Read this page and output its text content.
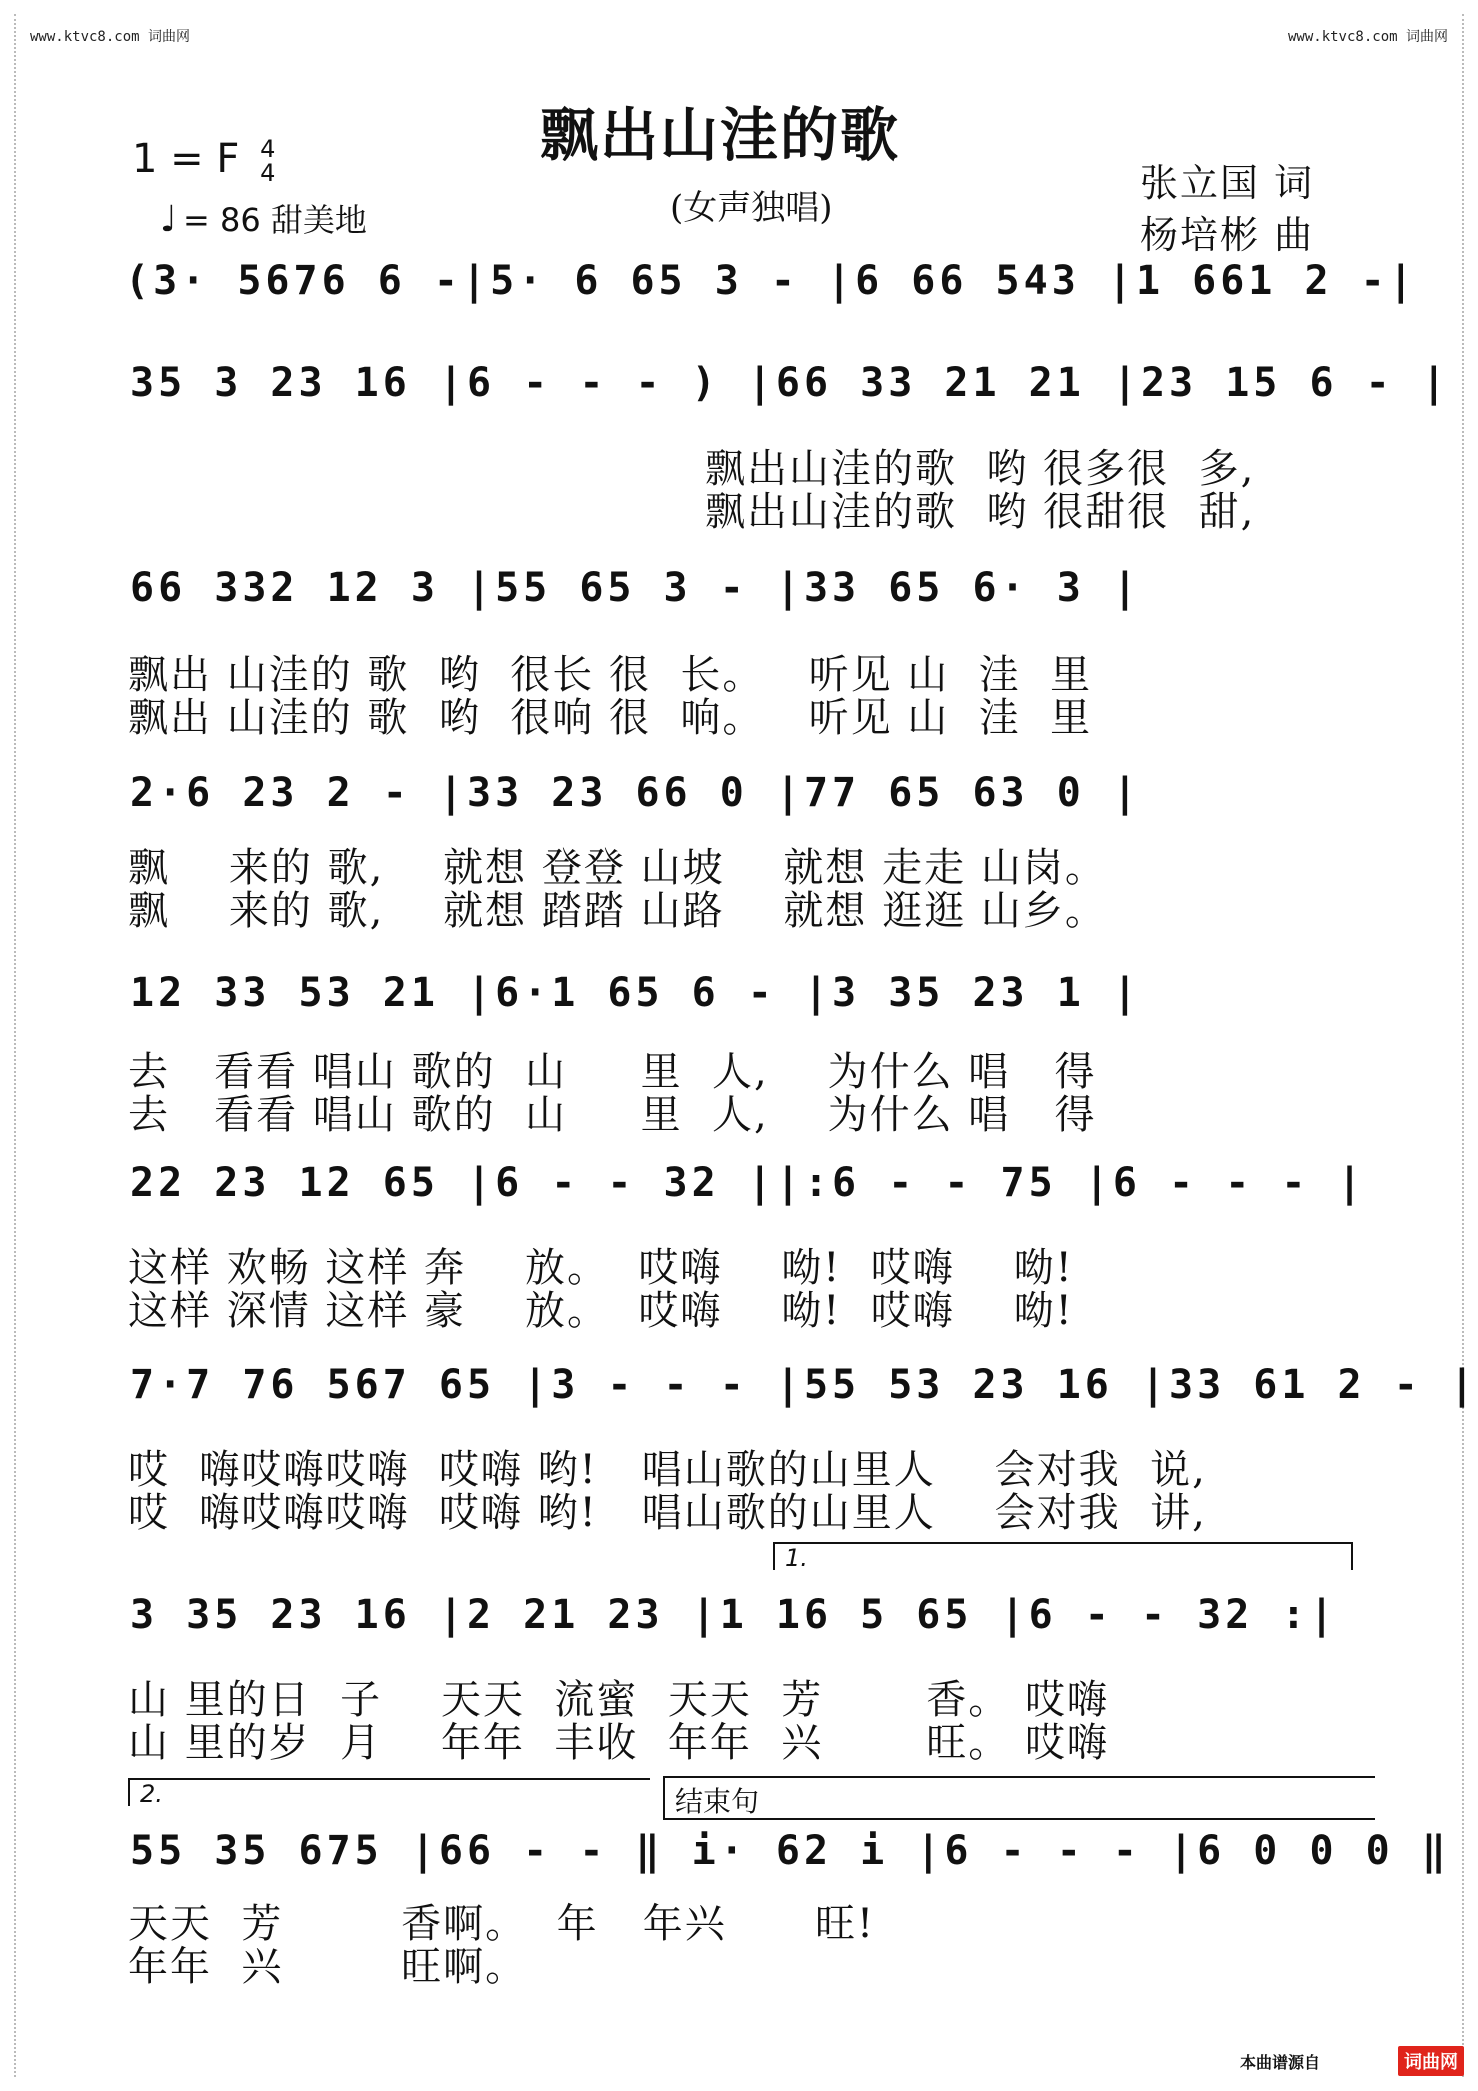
www.ktvc8.com 词曲网	www.ktvc8.com 词曲网
1 = F 4
4
♩ = 86 甜美地
飘出山洼的歌
(女声独唱)
张立国 词
杨培彬 曲
(3· 5676 6 -|5· 6 65 3 - |6 66 543 |1 661 2 -|
35 3 23 16 |6 - - - ) |66 33 21 21 |23 15 6 - |
飘出山洼的歌  哟 很多很  多,
飘出山洼的歌  哟 很甜很  甜,
66 332 12 3 |55 65 3 - |33 65 6· 3 |
飘出 山洼的 歌  哟  很长 很  长。   听见 山  洼  里
飘出 山洼的 歌  哟  很响 很  响。   听见 山  洼  里
2·6 23 2 - |33 23 66 0 |77 65 63 0 |
飘    来的 歌,    就想 登登 山坡    就想 走走 山岗。
飘    来的 歌,    就想 踏踏 山路    就想 逛逛 山乡。
12 33 53 21 |6·1 65 6 - |3 35 23 1 |
去   看看 唱山 歌的  山     里  人,    为什么 唱   得
去   看看 唱山 歌的  山     里  人,    为什么 唱   得
22 23 12 65 |6 - - 32 ||:6 - - 75 |6 - - - |
这样 欢畅 这样 奔    放。  哎嗨    呦!  哎嗨    呦!
这样 深情 这样 豪    放。  哎嗨    呦!  哎嗨    呦!
7·7 76 567 65 |3 - - - |55 53 23 16 |33 61 2 - |
哎  嗨哎嗨哎嗨  哎嗨 哟!   唱山歌的山里人    会对我  说,
哎  嗨哎嗨哎嗨  哎嗨 哟!   唱山歌的山里人    会对我  讲,
1.
3 35 23 16 |2 21 23 |1 16 5 65 |6 - - 32 :|
山 里的日  子    天天  流蜜  天天  芳       香。 哎嗨
山 里的岁  月    年年  丰收  年年  兴       旺。 哎嗨
2.	结束句
55 35 675 |66 - - ‖ i· 62 i |6 - - - |6 0 0 0 ‖
天天  芳        香啊。  年   年兴      旺!
年年  兴        旺啊。
本曲谱源自	词曲网
